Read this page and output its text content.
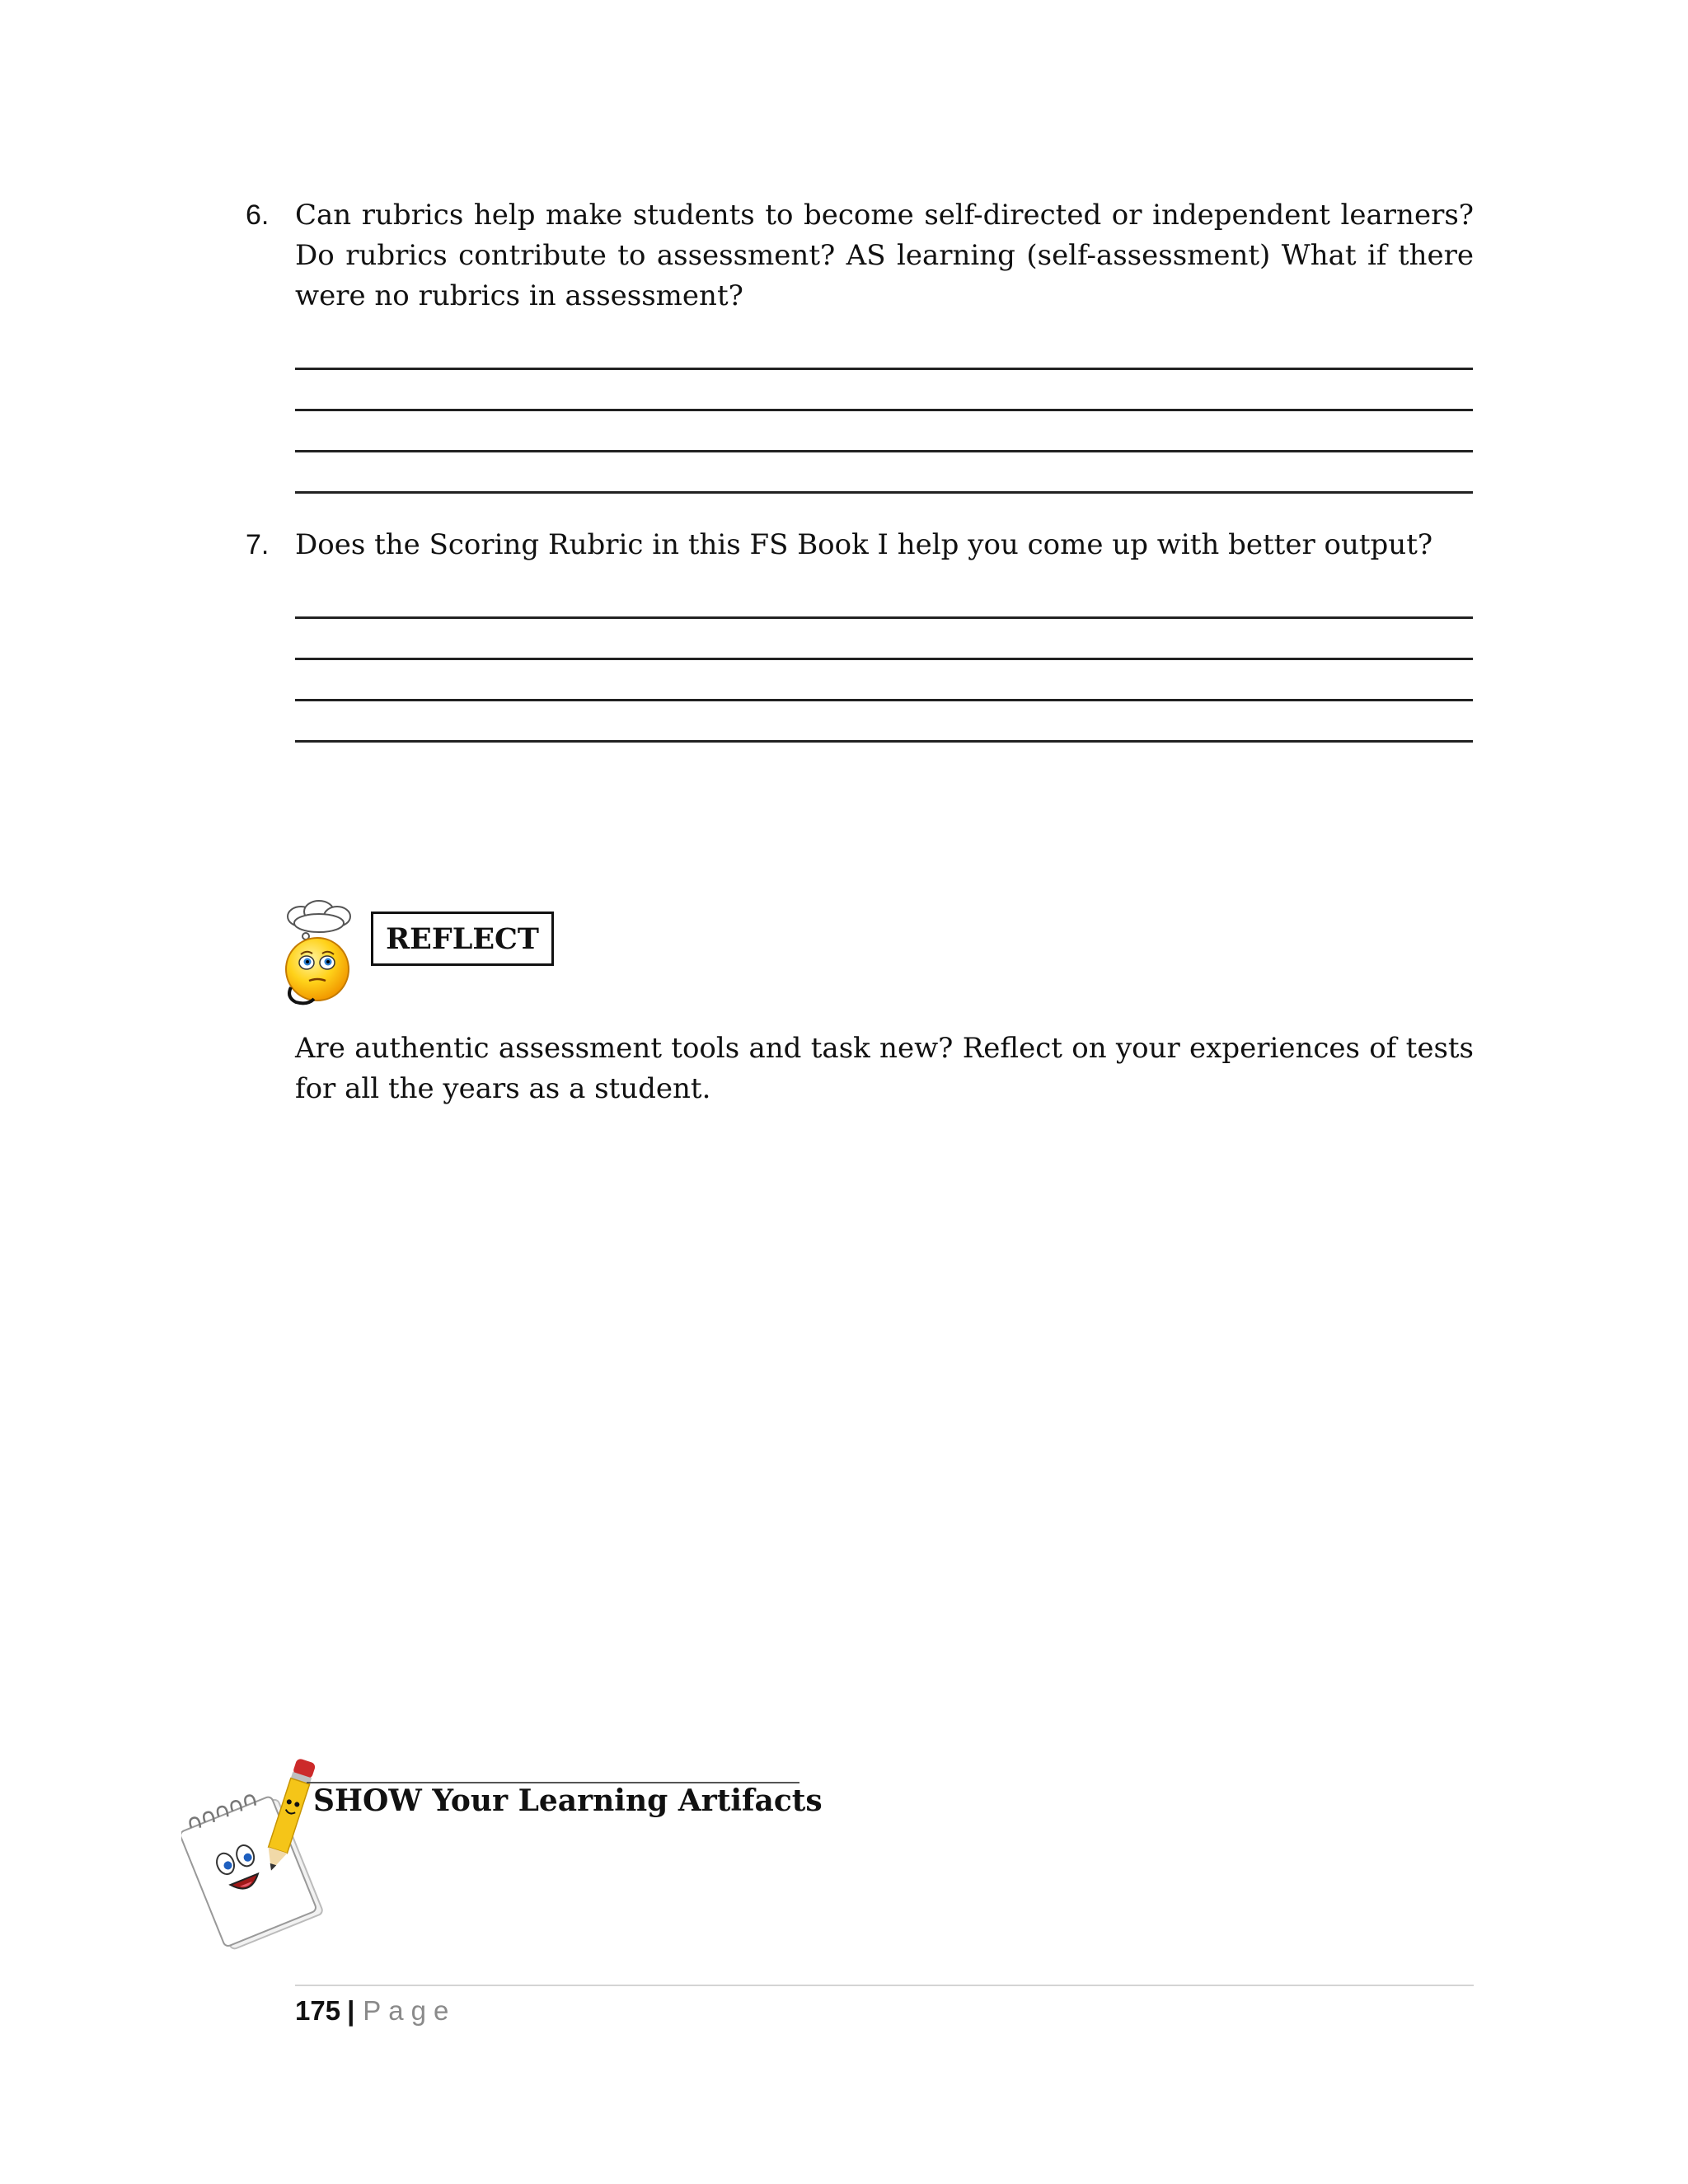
6. Can rubrics help make students to become self-directed or independent learners? Do rubrics contribute to assessment? AS learning (self-assessment) What if there were no rubrics in assessment?
7. Does the Scoring Rubric in this FS Book I help you come up with better output?
REFLECT
Are authentic assessment tools and task new? Reflect on your experiences of tests for all the years as a student.
SHOW Your Learning Artifacts
175 | Page
